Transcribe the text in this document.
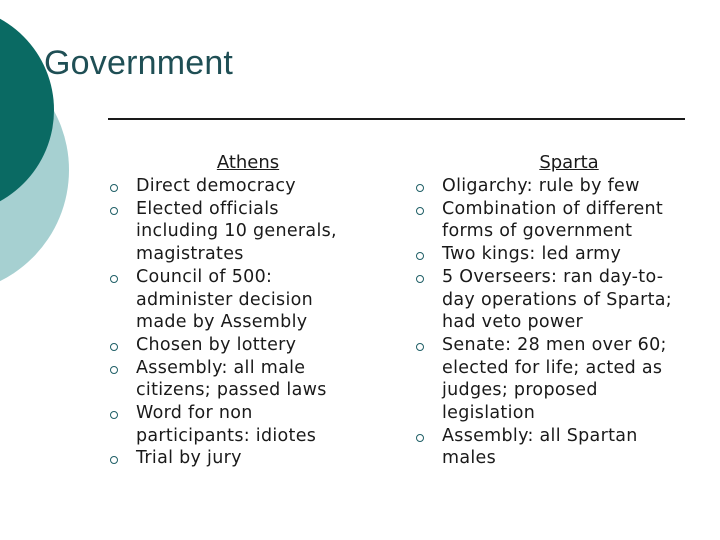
Government
Athens
Direct democracy
Elected officials including 10 generals, magistrates
Council of 500: administer decision made by Assembly
Chosen by lottery
Assembly: all male citizens; passed laws
Word for non participants: idiotes
Trial by jury
Sparta
Oligarchy: rule by few
Combination of different forms of government
Two kings: led army
5 Overseers: ran day-to-day operations of Sparta; had veto power
Senate: 28 men over 60; elected for life; acted as judges; proposed legislation
Assembly: all Spartan males
